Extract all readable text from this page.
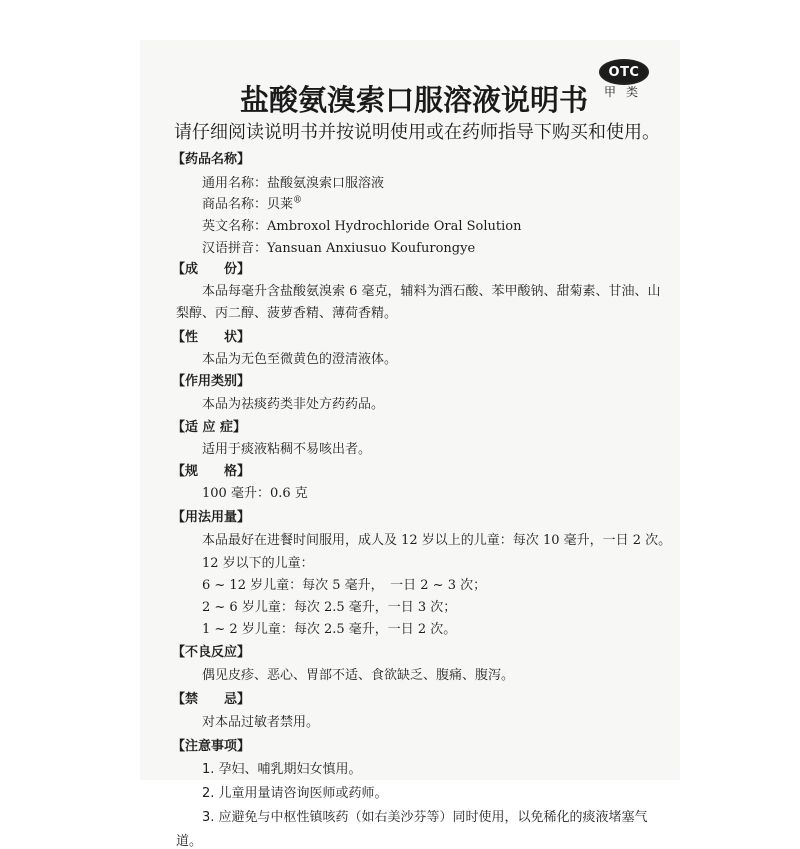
OTC
甲类
盐酸氨溴索口服溶液说明书
请仔细阅读说明书并按说明使用或在药师指导下购买和使用。
【药品名称】
通用名称：盐酸氨溴索口服溶液
商品名称：贝莱®
英文名称：Ambroxol Hydrochloride Oral Solution
汉语拼音：Yansuan Anxiusuo Koufurongye
【成　　份】
本品每毫升含盐酸氨溴索 6 毫克，辅料为酒石酸、苯甲酸钠、甜菊素、甘油、山
梨醇、丙二醇、菠萝香精、薄荷香精。
【性　　状】
本品为无色至微黄色的澄清液体。
【作用类别】
本品为祛痰药类非处方药药品。
【适 应 症】
适用于痰液粘稠不易咳出者。
【规　　格】
100 毫升：0.6 克
【用法用量】
本品最好在进餐时间服用，成人及 12 岁以上的儿童：每次 10 毫升，一日 2 次。
12 岁以下的儿童：
6 ~ 12 岁儿童：每次 5 毫升，　一日 2 ~ 3 次；
2 ~ 6 岁儿童：每次 2.5 毫升，一日 3 次；
1 ~ 2 岁儿童：每次 2.5 毫升，一日 2 次。
【不良反应】
偶见皮疹、恶心、胃部不适、食欲缺乏、腹痛、腹泻。
【禁　　忌】
对本品过敏者禁用。
【注意事项】
1. 孕妇、哺乳期妇女慎用。
2. 儿童用量请咨询医师或药师。
3. 应避免与中枢性镇咳药（如右美沙芬等）同时使用，以免稀化的痰液堵塞气
道。
